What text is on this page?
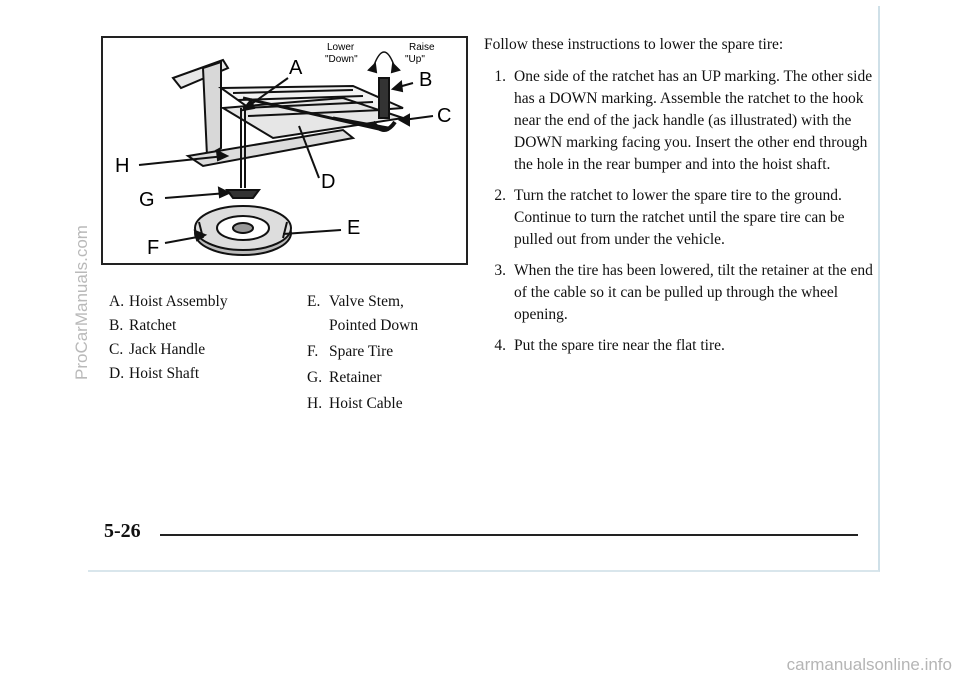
A
B
C
D
E
F
G
H
Lower
"Down"
Raise
"Up"
A. Hoist Assembly
B. Ratchet
C. Jack Handle
D. Hoist Shaft
E. Valve Stem,
Pointed Down
F. Spare Tire
G. Retainer
H. Hoist Cable

Follow these instructions to lower the spare tire:

1. One side of the ratchet has an UP marking. The other side has a DOWN marking. Assemble the ratchet to the hook near the end of the jack handle (as illustrated) with the DOWN marking facing you. Insert the other end through the hole in the rear bumper and into the hoist shaft.
2. Turn the ratchet to lower the spare tire to the ground. Continue to turn the ratchet until the spare tire can be pulled out from under the vehicle.
3. When the tire has been lowered, tilt the retainer at the end of the cable so it can be pulled up through the wheel opening.
4. Put the spare tire near the flat tire.
5-26
ProCarManuals.com
carmanualsonline.info
